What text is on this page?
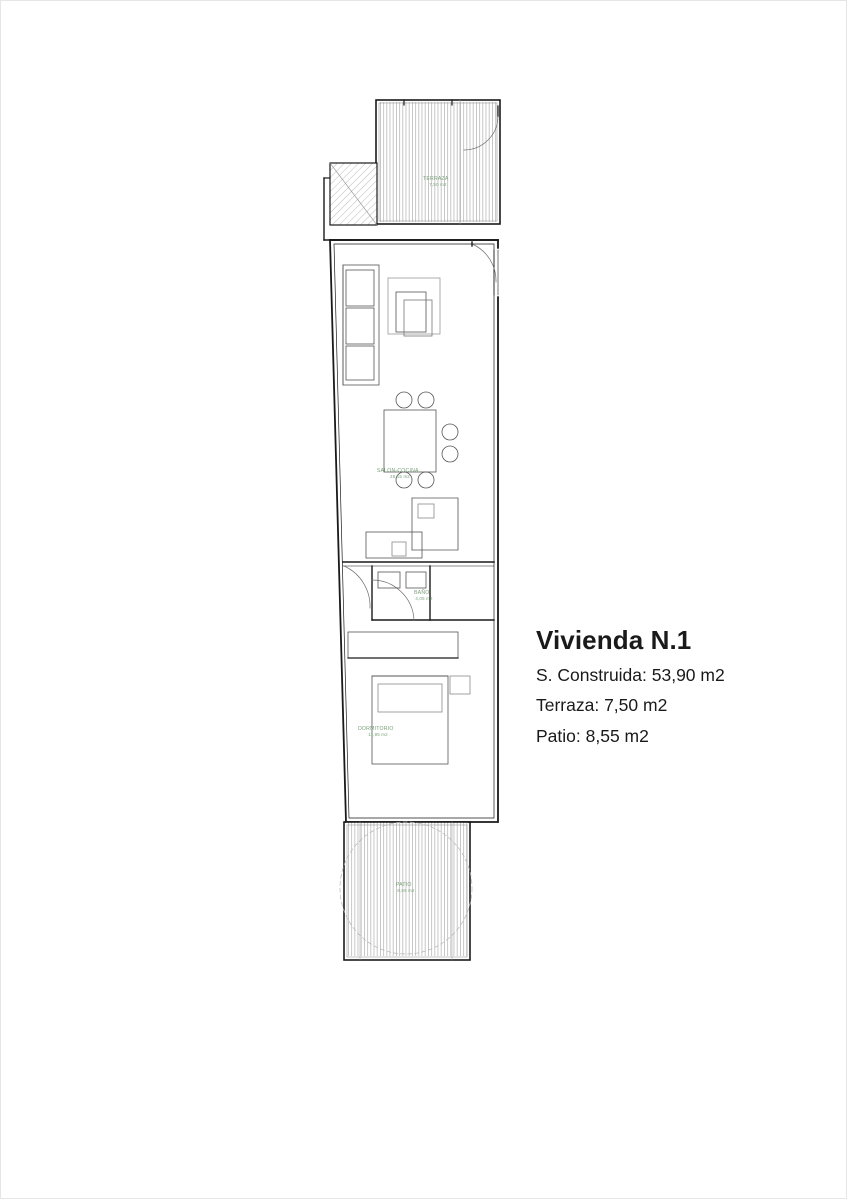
TERRAZA 7,50 m2
SALON-COCINA 28,15 m2
BAÑO 4,05 m2
DORMITORIO 11,95 m2
PATIO 8,55 m2
Vivienda N.1
S. Construida: 53,90 m2
Terraza: 7,50 m2
Patio: 8,55 m2
